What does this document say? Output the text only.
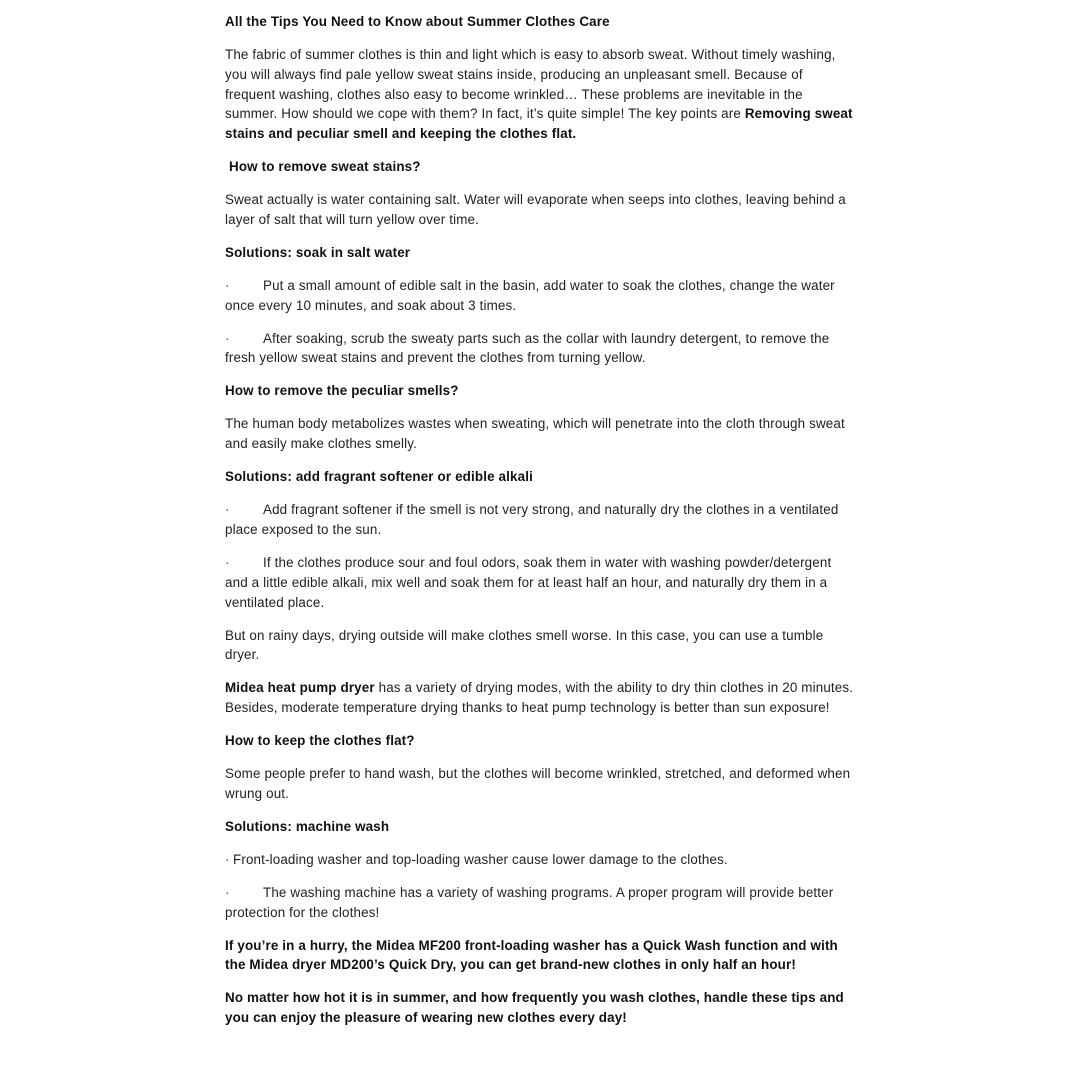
All the Tips You Need to Know about Summer Clothes Care

The fabric of summer clothes is thin and light which is easy to absorb sweat. Without timely washing, you will always find pale yellow sweat stains inside, producing an unpleasant smell. Because of frequent washing, clothes also easy to become wrinkled… These problems are inevitable in the summer. How should we cope with them? In fact, it’s quite simple! The key points are Removing sweat stains and peculiar smell and keeping the clothes flat.

How to remove sweat stains?

Sweat actually is water containing salt. Water will evaporate when seeps into clothes, leaving behind a layer of salt that will turn yellow over time.

Solutions: soak in salt water

· Put a small amount of edible salt in the basin, add water to soak the clothes, change the water once every 10 minutes, and soak about 3 times.

· After soaking, scrub the sweaty parts such as the collar with laundry detergent, to remove the fresh yellow sweat stains and prevent the clothes from turning yellow.

How to remove the peculiar smells?

The human body metabolizes wastes when sweating, which will penetrate into the cloth through sweat and easily make clothes smelly.

Solutions: add fragrant softener or edible alkali

· Add fragrant softener if the smell is not very strong, and naturally dry the clothes in a ventilated place exposed to the sun.

· If the clothes produce sour and foul odors, soak them in water with washing powder/detergent and a little edible alkali, mix well and soak them for at least half an hour, and naturally dry them in a ventilated place.

But on rainy days, drying outside will make clothes smell worse. In this case, you can use a tumble dryer.

Midea heat pump dryer has a variety of drying modes, with the ability to dry thin clothes in 20 minutes. Besides, moderate temperature drying thanks to heat pump technology is better than sun exposure!

How to keep the clothes flat?

Some people prefer to hand wash, but the clothes will become wrinkled, stretched, and deformed when wrung out.

Solutions: machine wash

· Front-loading washer and top-loading washer cause lower damage to the clothes.

· The washing machine has a variety of washing programs. A proper program will provide better protection for the clothes!

If you’re in a hurry, the Midea MF200 front-loading washer has a Quick Wash function and with the Midea dryer MD200’s Quick Dry, you can get brand-new clothes in only half an hour!

No matter how hot it is in summer, and how frequently you wash clothes, handle these tips and you can enjoy the pleasure of wearing new clothes every day!
